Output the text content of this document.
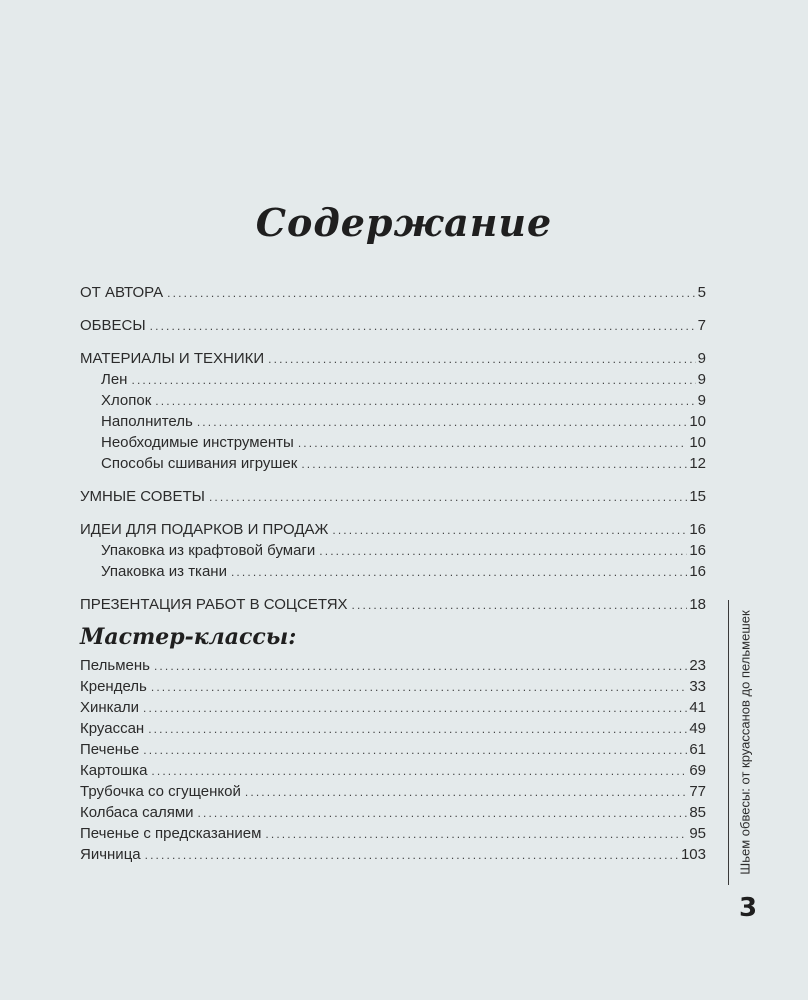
Содержание
ОТ АВТОРА . . .	5
ОБВЕСЫ . . .	7
МАТЕРИАЛЫ И ТЕХНИКИ . . .	9
Лен . . .	9
Хлопок . . .	9
Наполнитель . . .	10
Необходимые инструменты . . .	10
Способы сшивания игрушек . . .	12
УМНЫЕ СОВЕТЫ . . .	15
ИДЕИ ДЛЯ ПОДАРКОВ И ПРОДАЖ . . .	16
Упаковка из крафтовой бумаги . . .	16
Упаковка из ткани . . .	16
ПРЕЗЕНТАЦИЯ РАБОТ В СОЦСЕТЯХ . . .	18
Мастер-классы:
Пельмень . . .	23
Крендель . . .	33
Хинкали . . .	41
Круассан . . .	49
Печенье . . .	61
Картошка . . .	69
Трубочка со сгущенкой . . .	77
Колбаса салями . . .	85
Печенье с предсказанием . . .	95
Яичница . . .	103 Шьем обвесы: от круассанов до пельмешек
3
